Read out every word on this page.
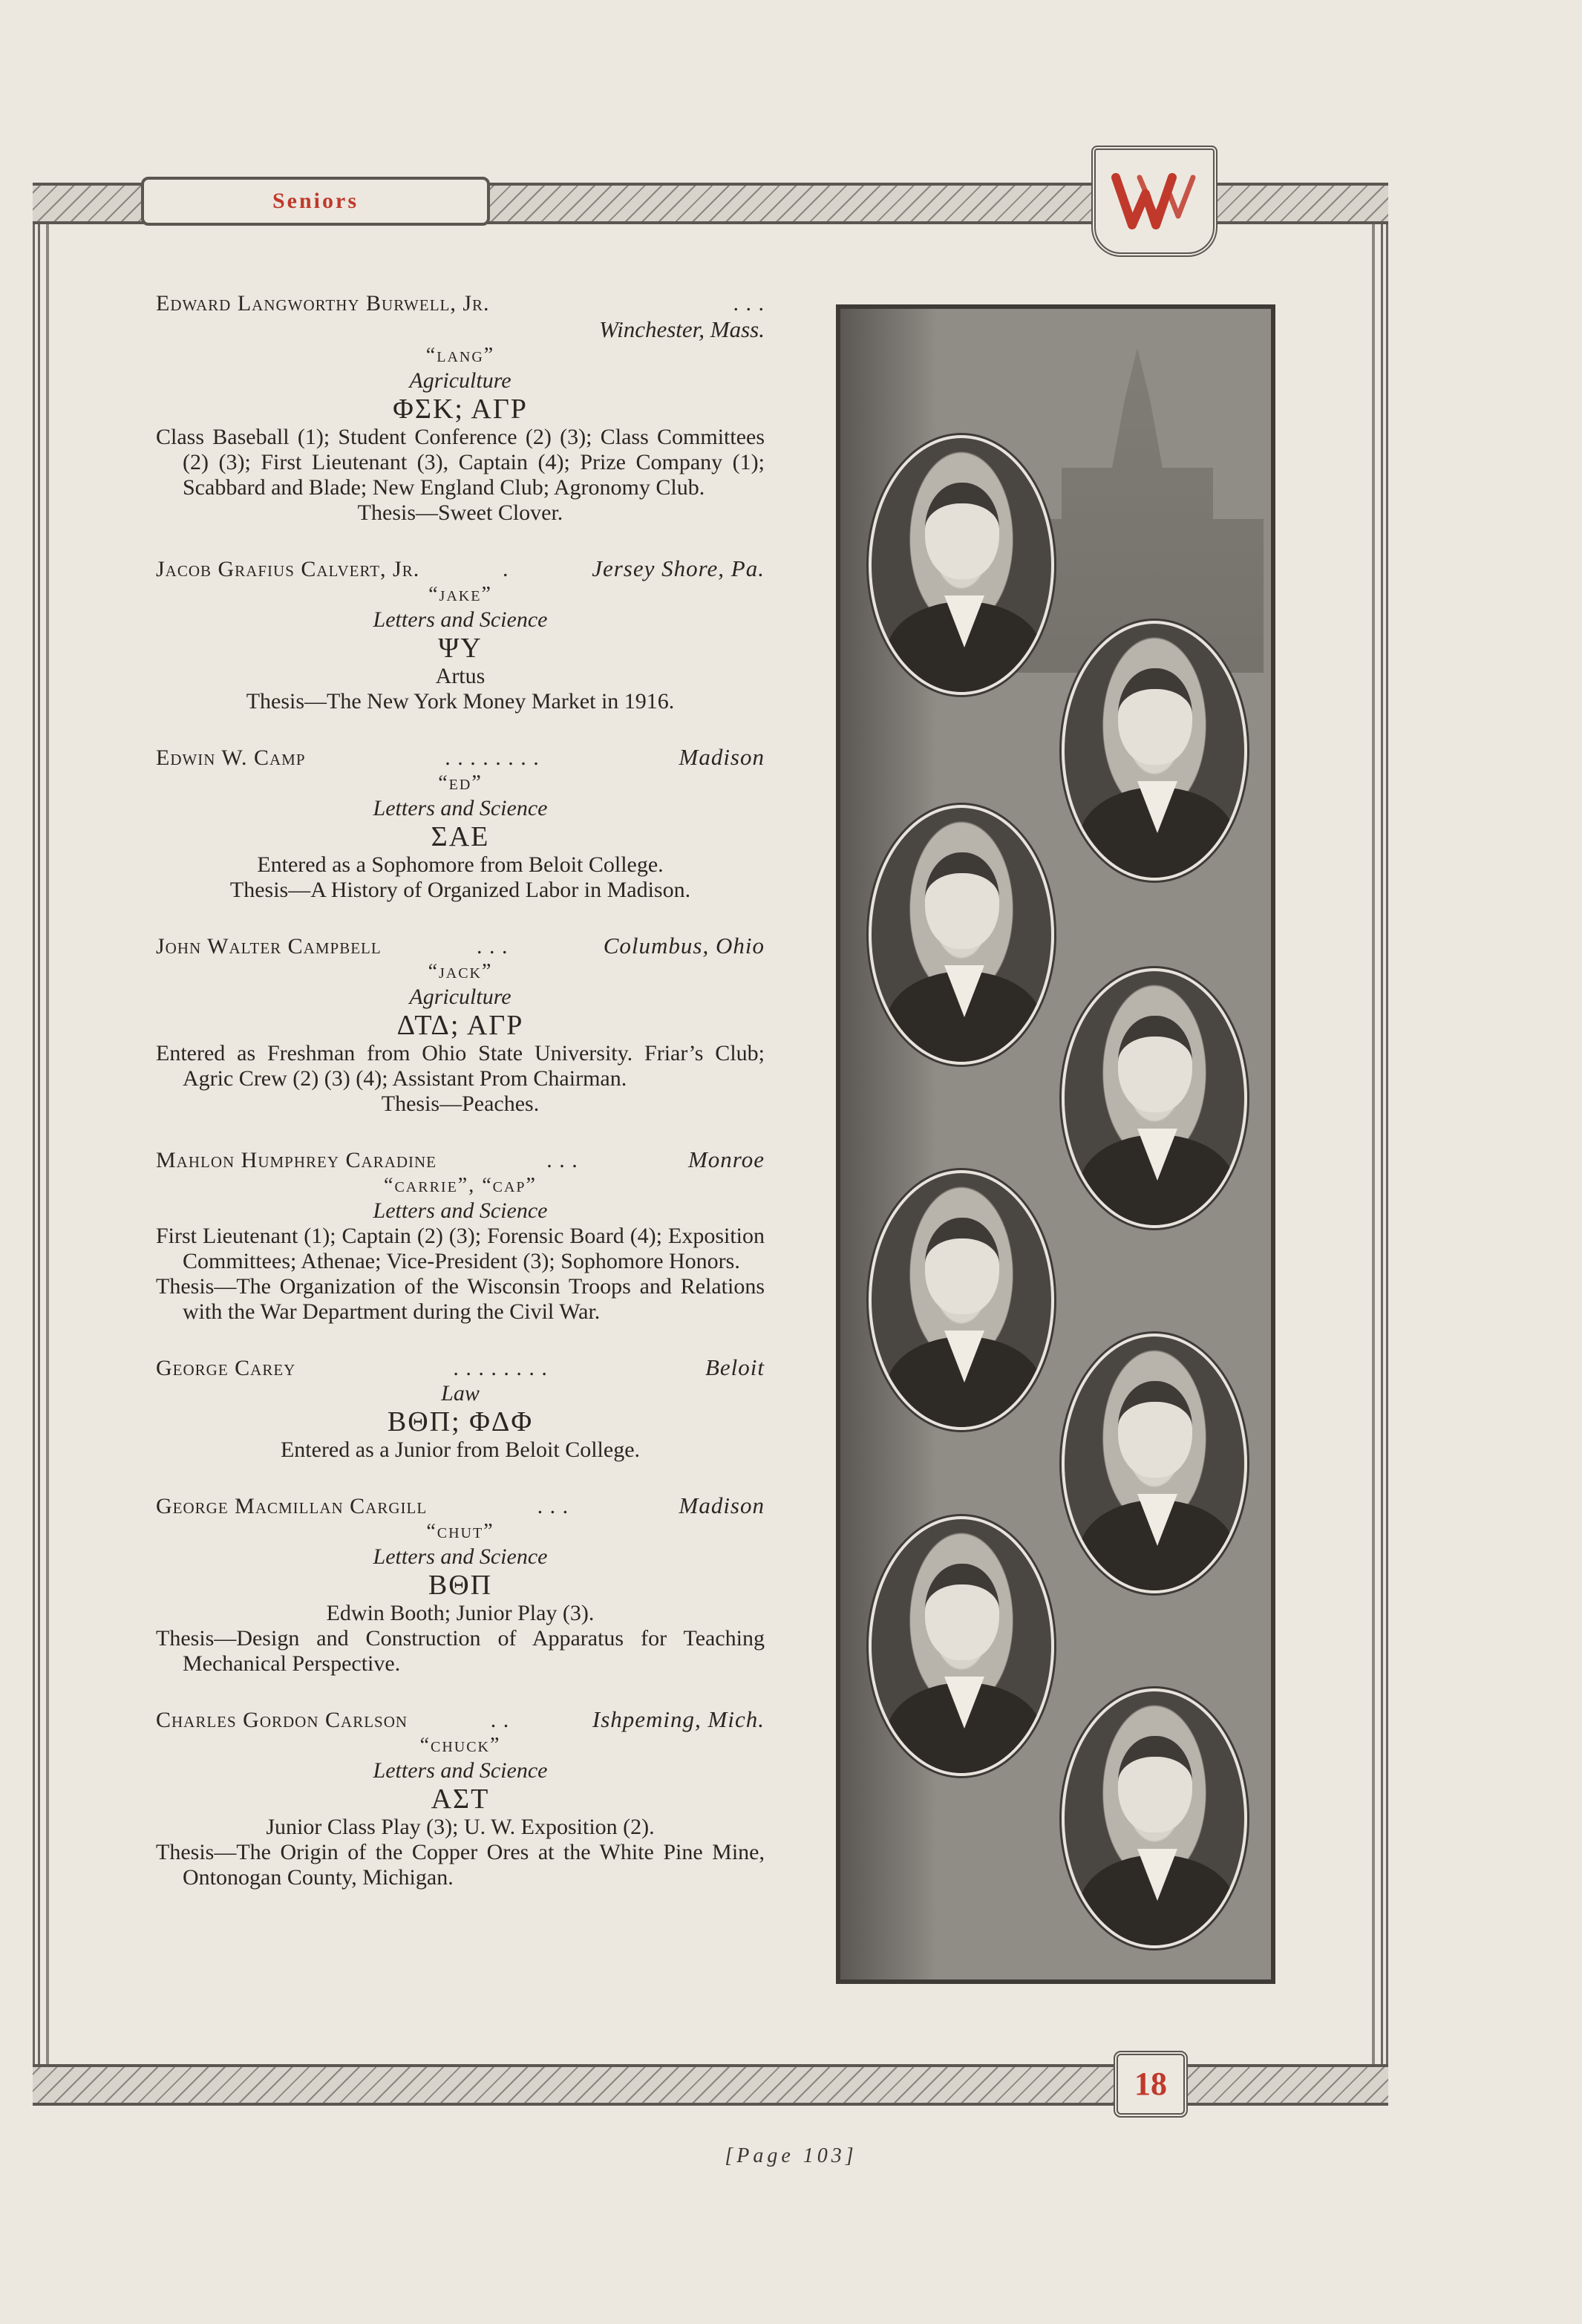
Seniors
18
Edward Langworthy Burwell, Jr.	. . .
Winchester, Mass.
“lang”
Agriculture
ΦΣΚ; ΑΓΡ
Class Baseball (1); Student Conference (2) (3); Class Committees (2) (3); First Lieutenant (3), Captain (4); Prize Company (1); Scabbard and Blade; New England Club; Agronomy Club.
Thesis—Sweet Clover.
Jacob Grafius Calvert, Jr.	.	Jersey Shore, Pa.
“jake”
Letters and Science
ΨΥ
Artus
Thesis—The New York Money Market in 1916.
Edwin W. Camp	. . . . . . . .	Madison
“ed”
Letters and Science
ΣΑΕ
Entered as a Sophomore from Beloit College.
Thesis—A History of Organized Labor in Madison.
John Walter Campbell	. . .	Columbus, Ohio
“jack”
Agriculture
ΔΤΔ; ΑΓΡ
Entered as Freshman from Ohio State University. Friar’s Club; Agric Crew (2) (3) (4); Assistant Prom Chairman.
Thesis—Peaches.
Mahlon Humphrey Caradine	. . .	Monroe
“carrie”, “cap”
Letters and Science
First Lieutenant (1); Captain (2) (3); Forensic Board (4); Exposition Committees; Athenae; Vice-President (3); Sophomore Honors.
Thesis—The Organization of the Wisconsin Troops and Relations with the War Department during the Civil War.
George Carey	. . . . . . . .	Beloit
Law
ΒΘΠ; ΦΔΦ
Entered as a Junior from Beloit College.
George Macmillan Cargill	. . .	Madison
“chut”
Letters and Science
ΒΘΠ
Edwin Booth; Junior Play (3).
Thesis—Design and Construction of Apparatus for Teaching Mechanical Perspective.
Charles Gordon Carlson	. .	Ishpeming, Mich.
“chuck”
Letters and Science
ΑΣΤ
Junior Class Play (3); U. W. Exposition (2).
Thesis—The Origin of the Copper Ores at the White Pine Mine, Ontonogan County, Michigan.
[Page 103]
